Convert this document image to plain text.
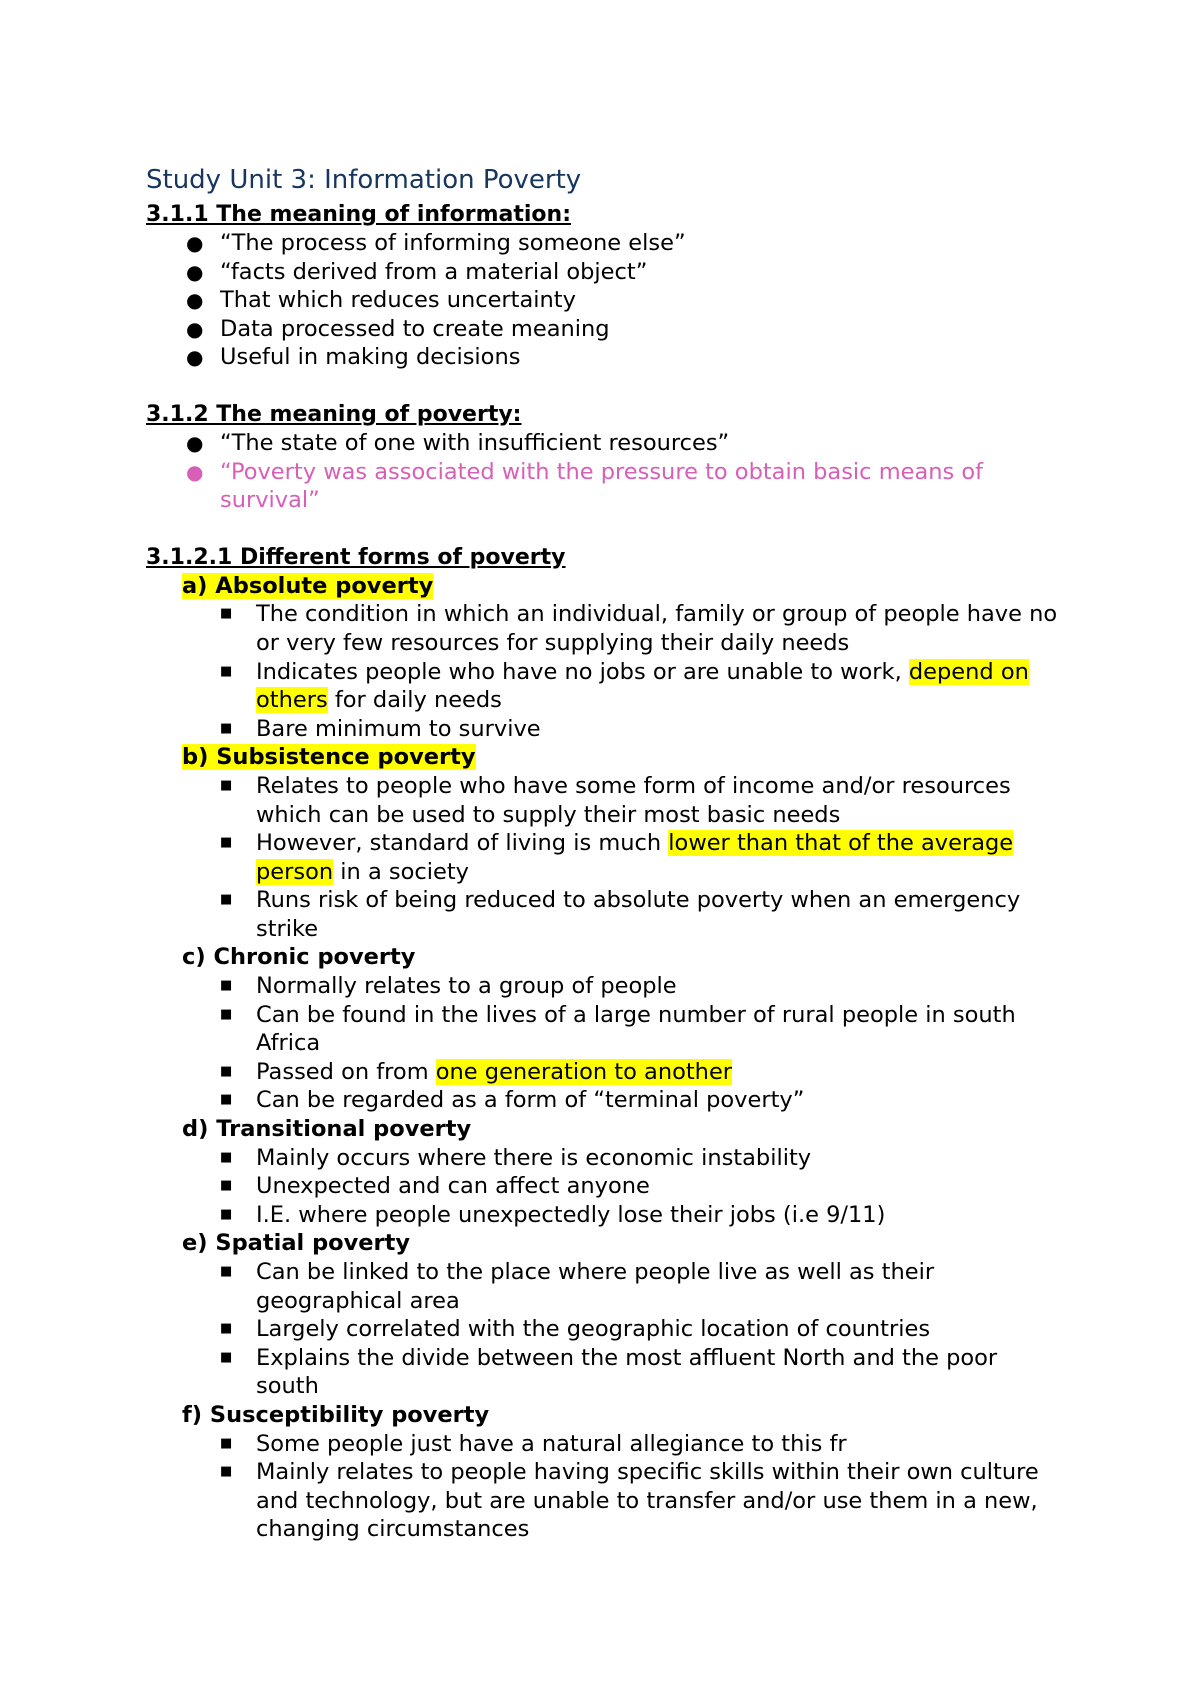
Study Unit 3: Information Poverty
3.1.1 The meaning of information:
● “The process of informing someone else”
● “facts derived from a material object”
● That which reduces uncertainty
● Data processed to create meaning
● Useful in making decisions
3.1.2 The meaning of poverty:
● “The state of one with insufficient resources”
● “Poverty was associated with the pressure to obtain basic means of survival”
3.1.2.1 Different forms of poverty
a) Absolute poverty
■ The condition in which an individual, family or group of people have no or very few resources for supplying their daily needs
■ Indicates people who have no jobs or are unable to work, depend on others for daily needs
■ Bare minimum to survive
b) Subsistence poverty
■ Relates to people who have some form of income and/or resources which can be used to supply their most basic needs
■ However, standard of living is much lower than that of the average person in a society
■ Runs risk of being reduced to absolute poverty when an emergency strike
c) Chronic poverty
■ Normally relates to a group of people
■ Can be found in the lives of a large number of rural people in south Africa
■ Passed on from one generation to another
■ Can be regarded as a form of “terminal poverty”
d) Transitional poverty
■ Mainly occurs where there is economic instability
■ Unexpected and can affect anyone
■ I.E. where people unexpectedly lose their jobs (i.e 9/11)
e) Spatial poverty
■ Can be linked to the place where people live as well as their geographical area
■ Largely correlated with the geographic location of countries
■ Explains the divide between the most affluent North and the poor south
f) Susceptibility poverty
■ Some people just have a natural allegiance to this fr
■ Mainly relates to people having specific skills within their own culture and technology, but are unable to transfer and/or use them in a new, changing circumstances
